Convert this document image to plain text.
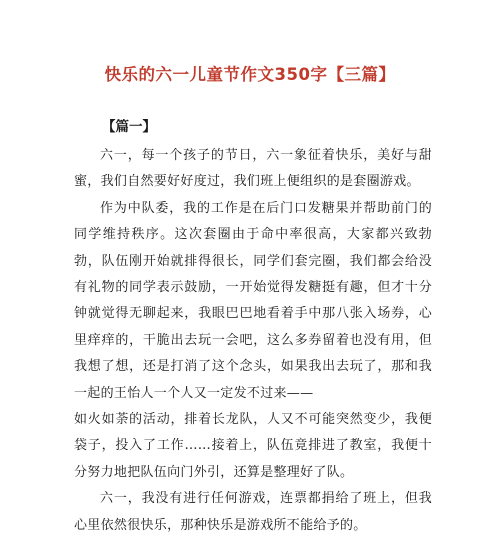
快乐的六一儿童节作文350字【三篇】
【篇一】

六一，每一个孩子的节日，六一象征着快乐，美好与甜蜜，我们自然要好好度过，我们班上便组织的是套圈游戏。

作为中队委，我的工作是在后门口发糖果并帮助前门的同学维持秩序。这次套圈由于命中率很高，大家都兴致勃勃，队伍刚开始就排得很长，同学们套完圈，我们都会给没有礼物的同学表示鼓励，一开始觉得发糖挺有趣，但才十分钟就觉得无聊起来，我眼巴巴地看着手中那八张入场券，心里痒痒的，干脆出去玩一会吧，这么多券留着也没有用，但我想了想，还是打消了这个念头，如果我出去玩了，那和我一起的王怡人一个人又一定发不过来——

如火如荼的活动，排着长龙队，人又不可能突然变少，我便袋子，投入了工作……接着上，队伍竟排进了教室，我便十分努力地把队伍向门外引，还算是整理好了队。

六一，我没有进行任何游戏，连票都捐给了班上，但我心里依然很快乐，那种快乐是游戏所不能给予的。
